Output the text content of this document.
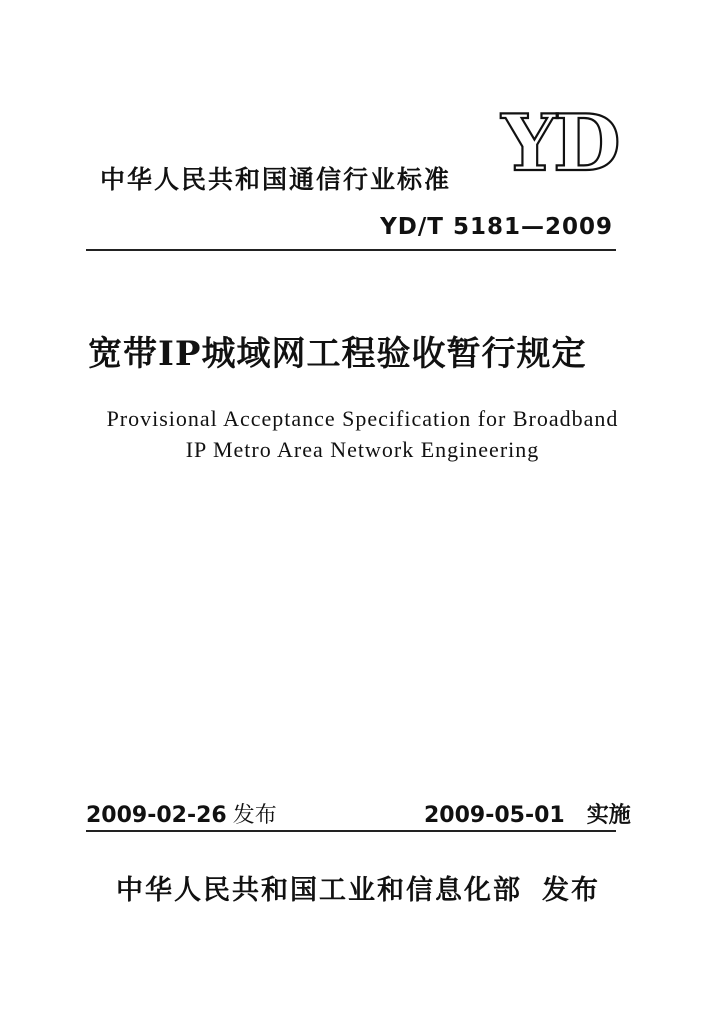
中华人民共和国通信行业标准 YD
YD/T 5181—2009
宽带IP城域网工程验收暂行规定
Provisional Acceptance Specification for Broadband
IP Metro Area Network Engineering
2009-02-26 发布	2009-05-01 实施
中华人民共和国工业和信息化部 发布
